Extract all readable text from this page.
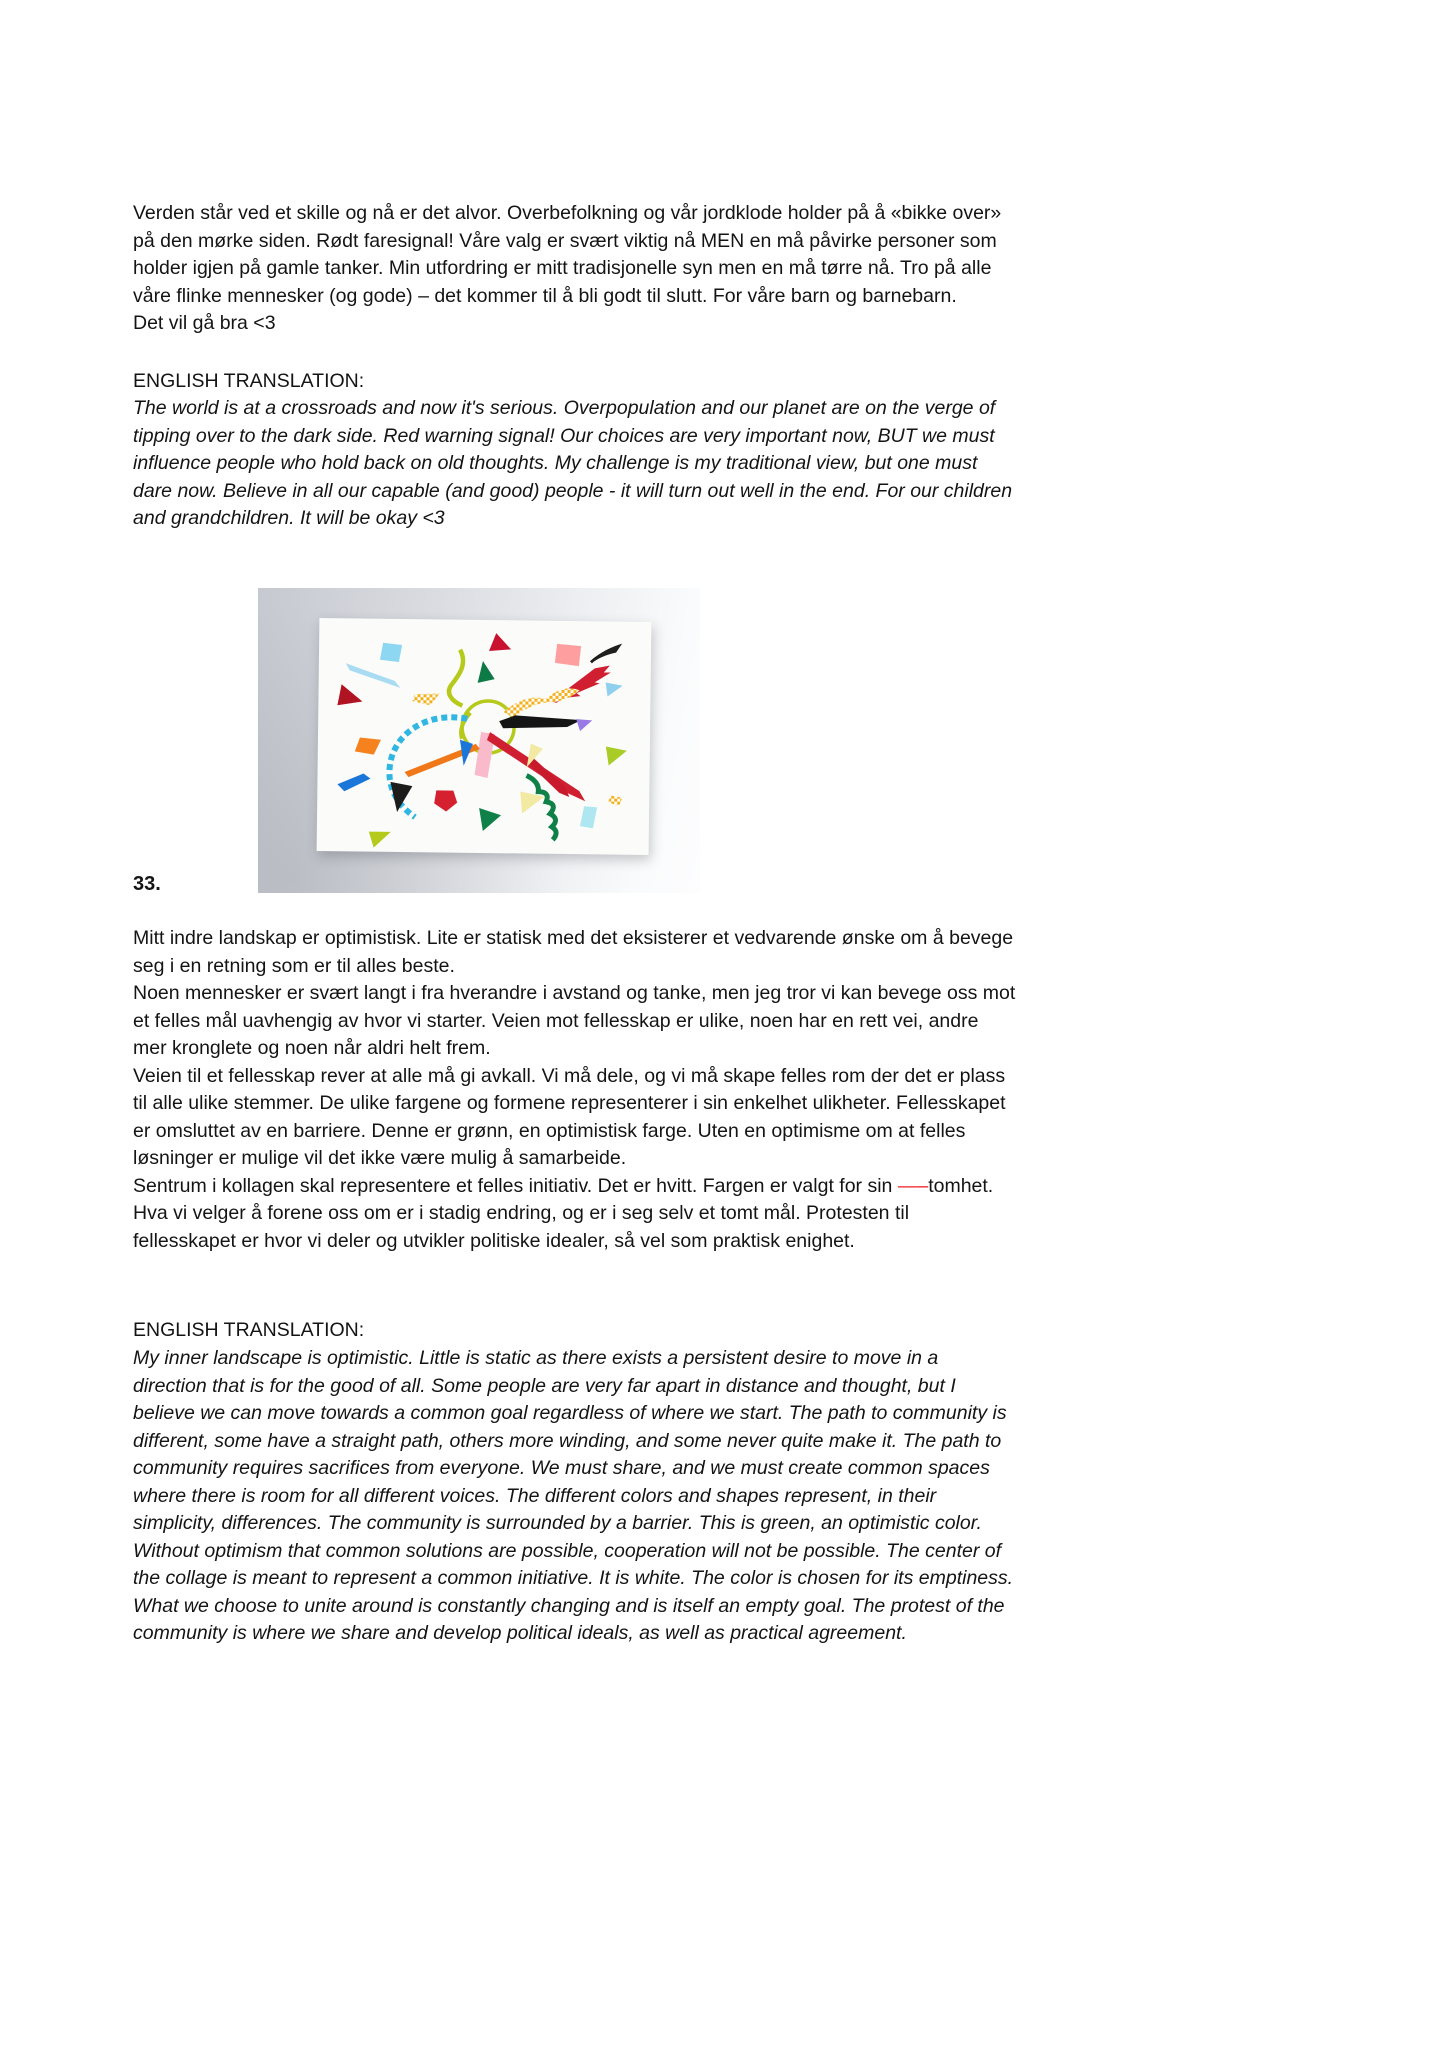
Verden står ved et skille og nå er det alvor. Overbefolkning og vår jordklode holder på å «bikke over»
på den mørke siden. Rødt faresignal! Våre valg er svært viktig nå MEN en må påvirke personer som
holder igjen på gamle tanker. Min utfordring er mitt tradisjonelle syn men en må tørre nå. Tro på alle
våre flinke mennesker (og gode) – det kommer til å bli godt til slutt. For våre barn og barnebarn.
Det vil gå bra <3
ENGLISH TRANSLATION:
The world is at a crossroads and now it's serious. Overpopulation and our planet are on the verge of
tipping over to the dark side. Red warning signal! Our choices are very important now, BUT we must
influence people who hold back on old thoughts. My challenge is my traditional view, but one must
dare now. Believe in all our capable (and good) people - it will turn out well in the end. For our children
and grandchildren. It will be okay <3
33.
Mitt indre landskap er optimistisk. Lite er statisk med det eksisterer et vedvarende ønske om å bevege
seg i en retning som er til alles beste.
Noen mennesker er svært langt i fra hverandre i avstand og tanke, men jeg tror vi kan bevege oss mot
et felles mål uavhengig av hvor vi starter. Veien mot fellesskap er ulike, noen har en rett vei, andre
mer kronglete og noen når aldri helt frem.
Veien til et fellesskap rever at alle må gi avkall. Vi må dele, og vi må skape felles rom der det er plass
til alle ulike stemmer. De ulike fargene og formene representerer i sin enkelhet ulikheter. Fellesskapet
er omsluttet av en barriere. Denne er grønn, en optimistisk farge. Uten en optimisme om at felles
løsninger er mulige vil det ikke være mulig å samarbeide.
Sentrum i kollagen skal representere et felles initiativ. Det er hvitt. Fargen er valgt for sin —–tomhet.
Hva vi velger å forene oss om er i stadig endring, og er i seg selv et tomt mål. Protesten til
fellesskapet er hvor vi deler og utvikler politiske idealer, så vel som praktisk enighet.
ENGLISH TRANSLATION:
My inner landscape is optimistic. Little is static as there exists a persistent desire to move in a
direction that is for the good of all. Some people are very far apart in distance and thought, but I
believe we can move towards a common goal regardless of where we start. The path to community is
different, some have a straight path, others more winding, and some never quite make it. The path to
community requires sacrifices from everyone. We must share, and we must create common spaces
where there is room for all different voices. The different colors and shapes represent, in their
simplicity, differences. The community is surrounded by a barrier. This is green, an optimistic color.
Without optimism that common solutions are possible, cooperation will not be possible. The center of
the collage is meant to represent a common initiative. It is white. The color is chosen for its emptiness.
What we choose to unite around is constantly changing and is itself an empty goal. The protest of the
community is where we share and develop political ideals, as well as practical agreement.
